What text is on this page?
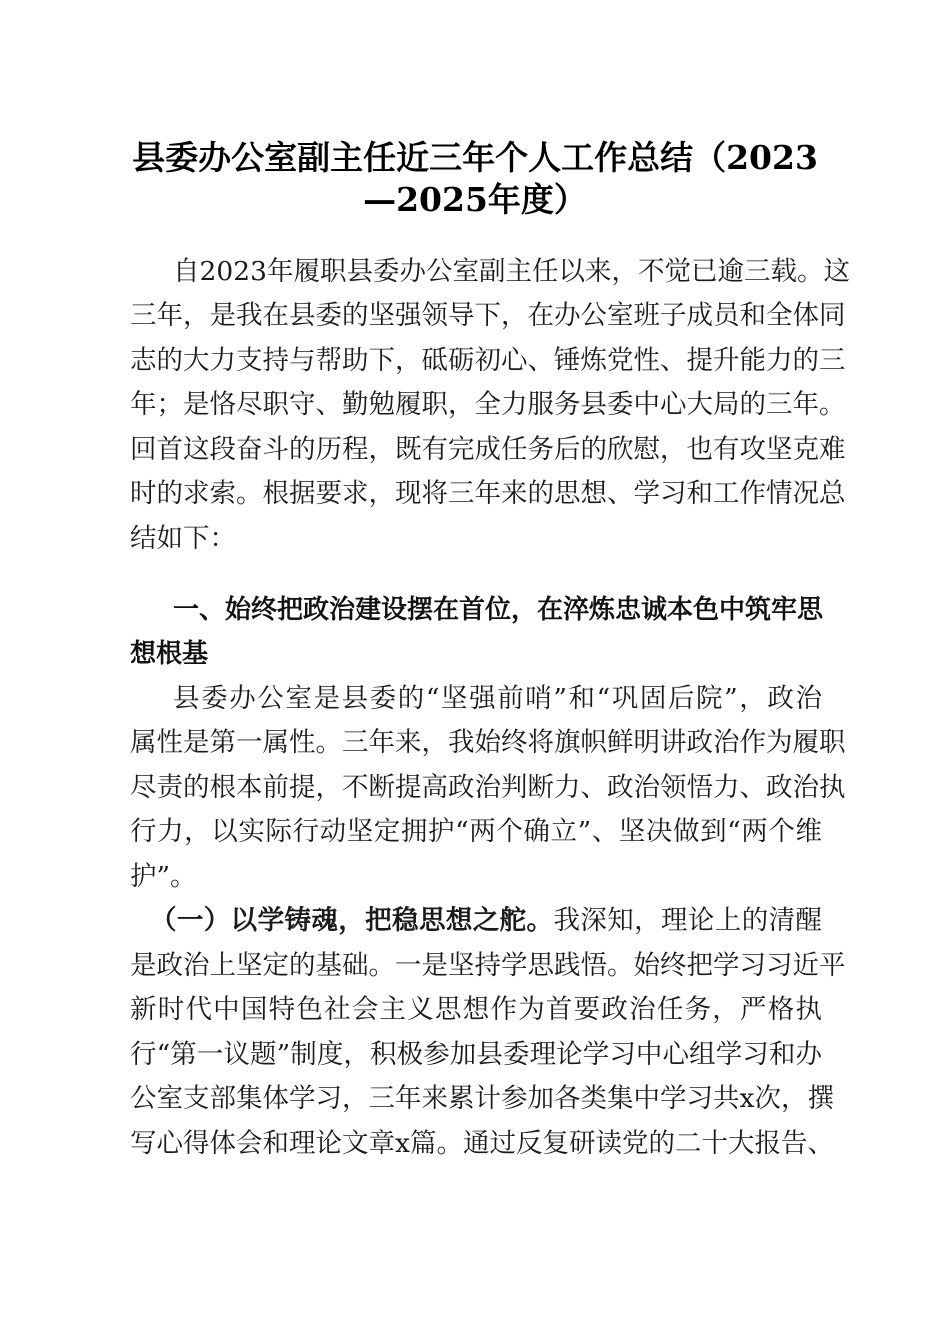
县委办公室副主任近三年个人工作总结（2023
—2025年度）
自2023年履职县委办公室副主任以来，不觉已逾三载。这
三年，是我在县委的坚强领导下，在办公室班子成员和全体同
志的大力支持与帮助下，砥砺初心、锤炼党性、提升能力的三
年；是恪尽职守、勤勉履职，全力服务县委中心大局的三年。
回首这段奋斗的历程，既有完成任务后的欣慰，也有攻坚克难
时的求索。根据要求，现将三年来的思想、学习和工作情况总
结如下：
一、始终把政治建设摆在首位，在淬炼忠诚本色中筑牢思
想根基
县委办公室是县委的“坚强前哨”和“巩固后院”，政治
属性是第一属性。三年来，我始终将旗帜鲜明讲政治作为履职
尽责的根本前提，不断提高政治判断力、政治领悟力、政治执
行力，以实际行动坚定拥护“两个确立”、坚决做到“两个维
护”。
（一）以学铸魂，把稳思想之舵。我深知，理论上的清醒
是政治上坚定的基础。一是坚持学思践悟。始终把学习习近平
新时代中国特色社会主义思想作为首要政治任务，严格执
行“第一议题”制度，积极参加县委理论学习中心组学习和办
公室支部集体学习，三年来累计参加各类集中学习共x次，撰
写心得体会和理论文章x篇。通过反复研读党的二十大报告、
